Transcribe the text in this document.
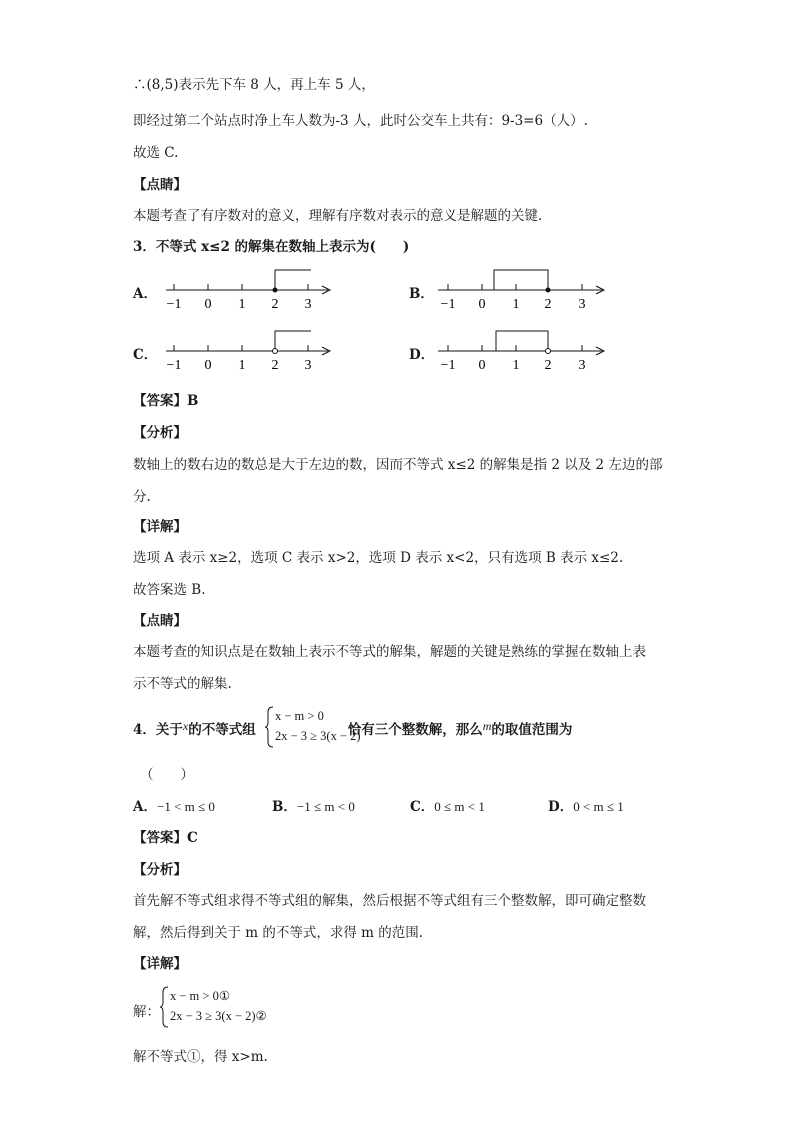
∴(8,5)表示先下车 8 人，再上车 5 人，
即经过第二个站点时净上车人数为-3 人，此时公交车上共有：9-3=6（人）.
故选 C.
【点睛】
本题考查了有序数对的意义，理解有序数对表示的意义是解题的关键.
3．不等式 x≤2 的解集在数轴上表示为(　　)
A．
−1 0 1 2 3
B．
−1 0 1 2 3
C．
−1 0 1 2 3
D．
−1 0 1 2 3
【答案】B
【分析】
数轴上的数右边的数总是大于左边的数，因而不等式 x≤2 的解集是指 2 以及 2 左边的部
分.
【详解】
选项 A 表示 x≥2，选项 C 表示 x>2，选项 D 表示 x<2，只有选项 B 表示 x≤2.
故答案选 B.
【点睛】
本题考查的知识点是在数轴上表示不等式的解集，解题的关键是熟练的掌握在数轴上表
示不等式的解集.
4．关于x的不等式组	恰有三个整数解，那么m的取值范围为
x − m > 0
2x − 3 ≥ 3(x − 2)
（　　）
A．−1 < m ≤ 0	B．−1 ≤ m < 0	C．0 ≤ m < 1	D．0 < m ≤ 1
【答案】C
【分析】
首先解不等式组求得不等式组的解集，然后根据不等式组有三个整数解，即可确定整数
解，然后得到关于 m 的不等式，求得 m 的范围.
【详解】
解：
x − m > 0①
2x − 3 ≥ 3(x − 2)②
解不等式①，得 x>m.
